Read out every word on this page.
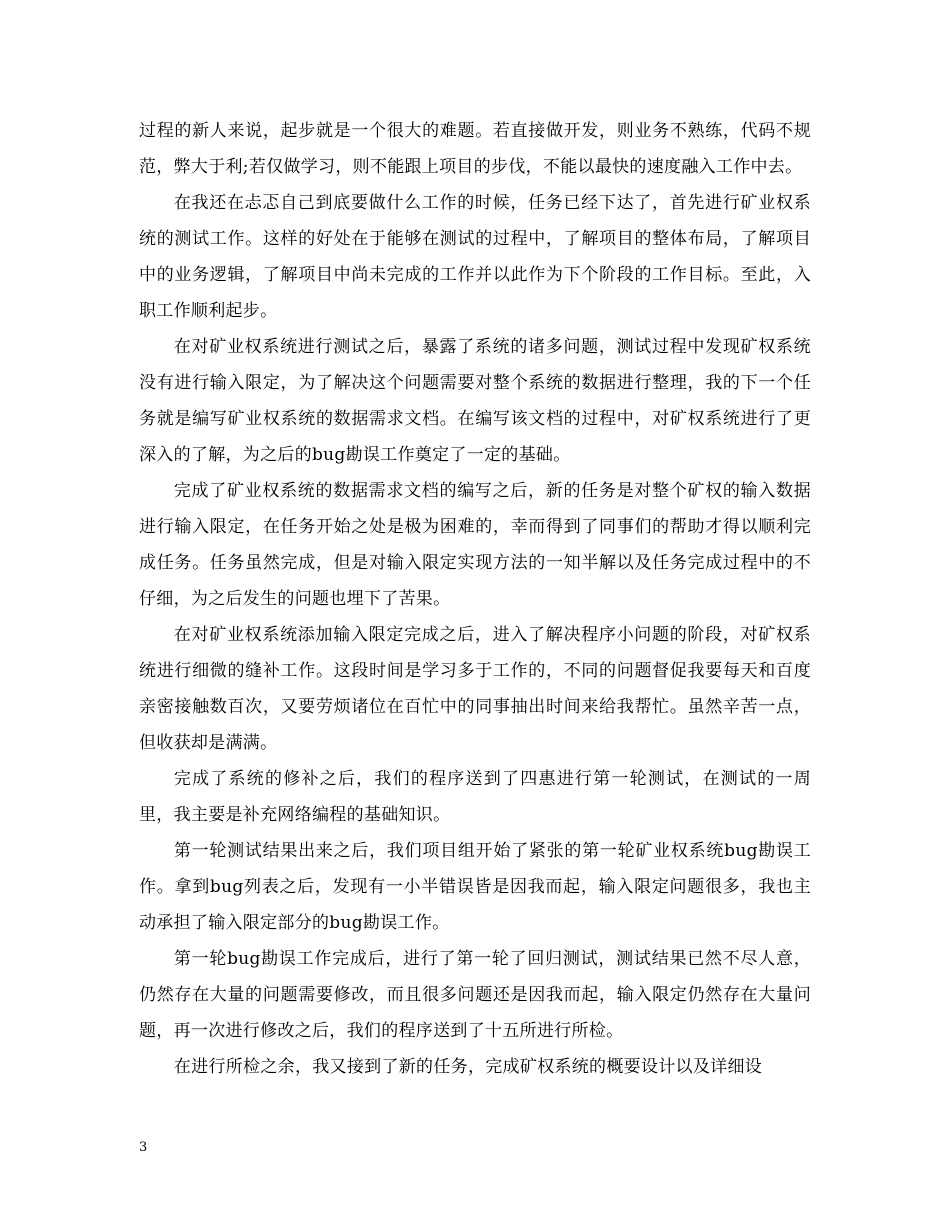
过程的新人来说，起步就是一个很大的难题。若直接做开发，则业务不熟练，代码不规范，弊大于利;若仅做学习，则不能跟上项目的步伐，不能以最快的速度融入工作中去。

在我还在忐忑自己到底要做什么工作的时候，任务已经下达了，首先进行矿业权系统的测试工作。这样的好处在于能够在测试的过程中，了解项目的整体布局，了解项目中的业务逻辑，了解项目中尚未完成的工作并以此作为下个阶段的工作目标。至此，入职工作顺利起步。

在对矿业权系统进行测试之后，暴露了系统的诸多问题，测试过程中发现矿权系统没有进行输入限定，为了解决这个问题需要对整个系统的数据进行整理，我的下一个任务就是编写矿业权系统的数据需求文档。在编写该文档的过程中，对矿权系统进行了更深入的了解，为之后的bug勘误工作奠定了一定的基础。

完成了矿业权系统的数据需求文档的编写之后，新的任务是对整个矿权的输入数据进行输入限定，在任务开始之处是极为困难的，幸而得到了同事们的帮助才得以顺利完成任务。任务虽然完成，但是对输入限定实现方法的一知半解以及任务完成过程中的不仔细，为之后发生的问题也埋下了苦果。

在对矿业权系统添加输入限定完成之后，进入了解决程序小问题的阶段，对矿权系统进行细微的缝补工作。这段时间是学习多于工作的，不同的问题督促我要每天和百度亲密接触数百次，又要劳烦诸位在百忙中的同事抽出时间来给我帮忙。虽然辛苦一点，但收获却是满满。

完成了系统的修补之后，我们的程序送到了四惠进行第一轮测试，在测试的一周里，我主要是补充网络编程的基础知识。

第一轮测试结果出来之后，我们项目组开始了紧张的第一轮矿业权系统bug勘误工作。拿到bug列表之后，发现有一小半错误皆是因我而起，输入限定问题很多，我也主动承担了输入限定部分的bug勘误工作。

第一轮bug勘误工作完成后，进行了第一轮了回归测试，测试结果已然不尽人意，仍然存在大量的问题需要修改，而且很多问题还是因我而起，输入限定仍然存在大量问题，再一次进行修改之后，我们的程序送到了十五所进行所检。

在进行所检之余，我又接到了新的任务，完成矿权系统的概要设计以及详细设

3
